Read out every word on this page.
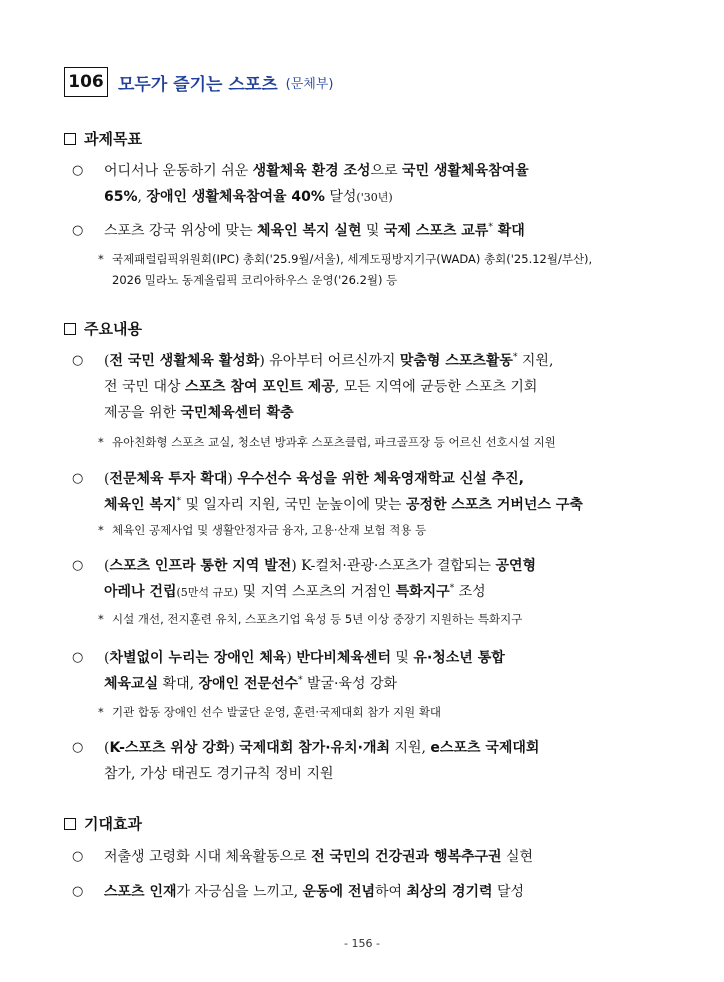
106 모두가 즐기는 스포츠 (문체부)
과제목표
○ 어디서나 운동하기 쉬운 생활체육 환경 조성으로 국민 생활체육참여율
65%, 장애인 생활체육참여율 40% 달성('30년)
○ 스포츠 강국 위상에 맞는 체육인 복지 실현 및 국제 스포츠 교류* 확대
* 국제패럴림픽위원회(IPC) 총회('25.9월/서울), 세계도핑방지기구(WADA) 총회('25.12월/부산),
2026 밀라노 동계올림픽 코리아하우스 운영('26.2월) 등
주요내용
○ (전 국민 생활체육 활성화) 유아부터 어르신까지 맞춤형 스포츠활동* 지원,
전 국민 대상 스포츠 참여 포인트 제공, 모든 지역에 균등한 스포츠 기회
제공을 위한 국민체육센터 확충
* 유아친화형 스포츠 교실, 청소년 방과후 스포츠클럽, 파크골프장 등 어르신 선호시설 지원
○ (전문체육 투자 확대) 우수선수 육성을 위한 체육영재학교 신설 추진,
체육인 복지* 및 일자리 지원, 국민 눈높이에 맞는 공정한 스포츠 거버넌스 구축
* 체육인 공제사업 및 생활안정자금 융자, 고용·산재 보험 적용 등
○ (스포츠 인프라 통한 지역 발전) K-컬처·관광·스포츠가 결합되는 공연형
아레나 건립(5만석 규모) 및 지역 스포츠의 거점인 특화지구* 조성
* 시설 개선, 전지훈련 유치, 스포츠기업 육성 등 5년 이상 중장기 지원하는 특화지구
○ (차별없이 누리는 장애인 체육) 반다비체육센터 및 유·청소년 통합
체육교실 확대, 장애인 전문선수* 발굴·육성 강화
* 기관 합동 장애인 선수 발굴단 운영, 훈련·국제대회 참가 지원 확대
○ (K-스포츠 위상 강화) 국제대회 참가·유치·개최 지원, e스포츠 국제대회
참가, 가상 태권도 경기규칙 정비 지원
기대효과
○ 저출생 고령화 시대 체육활동으로 전 국민의 건강권과 행복추구권 실현
○ 스포츠 인재가 자긍심을 느끼고, 운동에 전념하여 최상의 경기력 달성
- 156 -
